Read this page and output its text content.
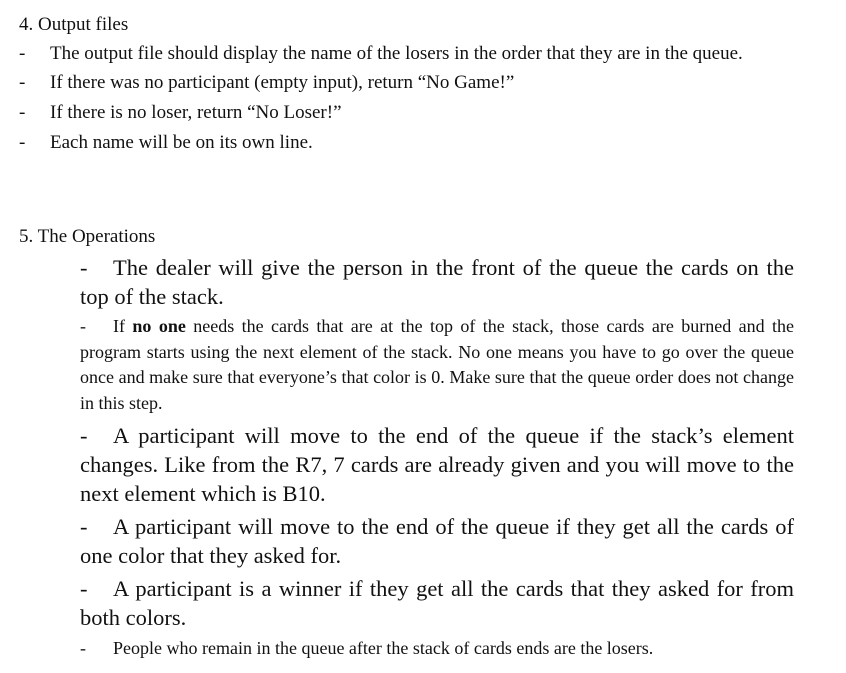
4. Output files
- The output file should display the name of the losers in the order that they are in the queue.
- If there was no participant (empty input), return “No Game!”
- If there is no loser, return “No Loser!”
- Each name will be on its own line.
5. The Operations
- The dealer will give the person in the front of the queue the cards on the top of the stack.
- If no one needs the cards that are at the top of the stack, those cards are burned and the program starts using the next element of the stack. No one means you have to go over the queue once and make sure that everyone’s that color is 0. Make sure that the queue order does not change in this step.
- A participant will move to the end of the queue if the stack’s element changes. Like from the R7, 7 cards are already given and you will move to the next element which is B10.
- A participant will move to the end of the queue if they get all the cards of one color that they asked for.
- A participant is a winner if they get all the cards that they asked for from both colors.
- People who remain in the queue after the stack of cards ends are the losers.
